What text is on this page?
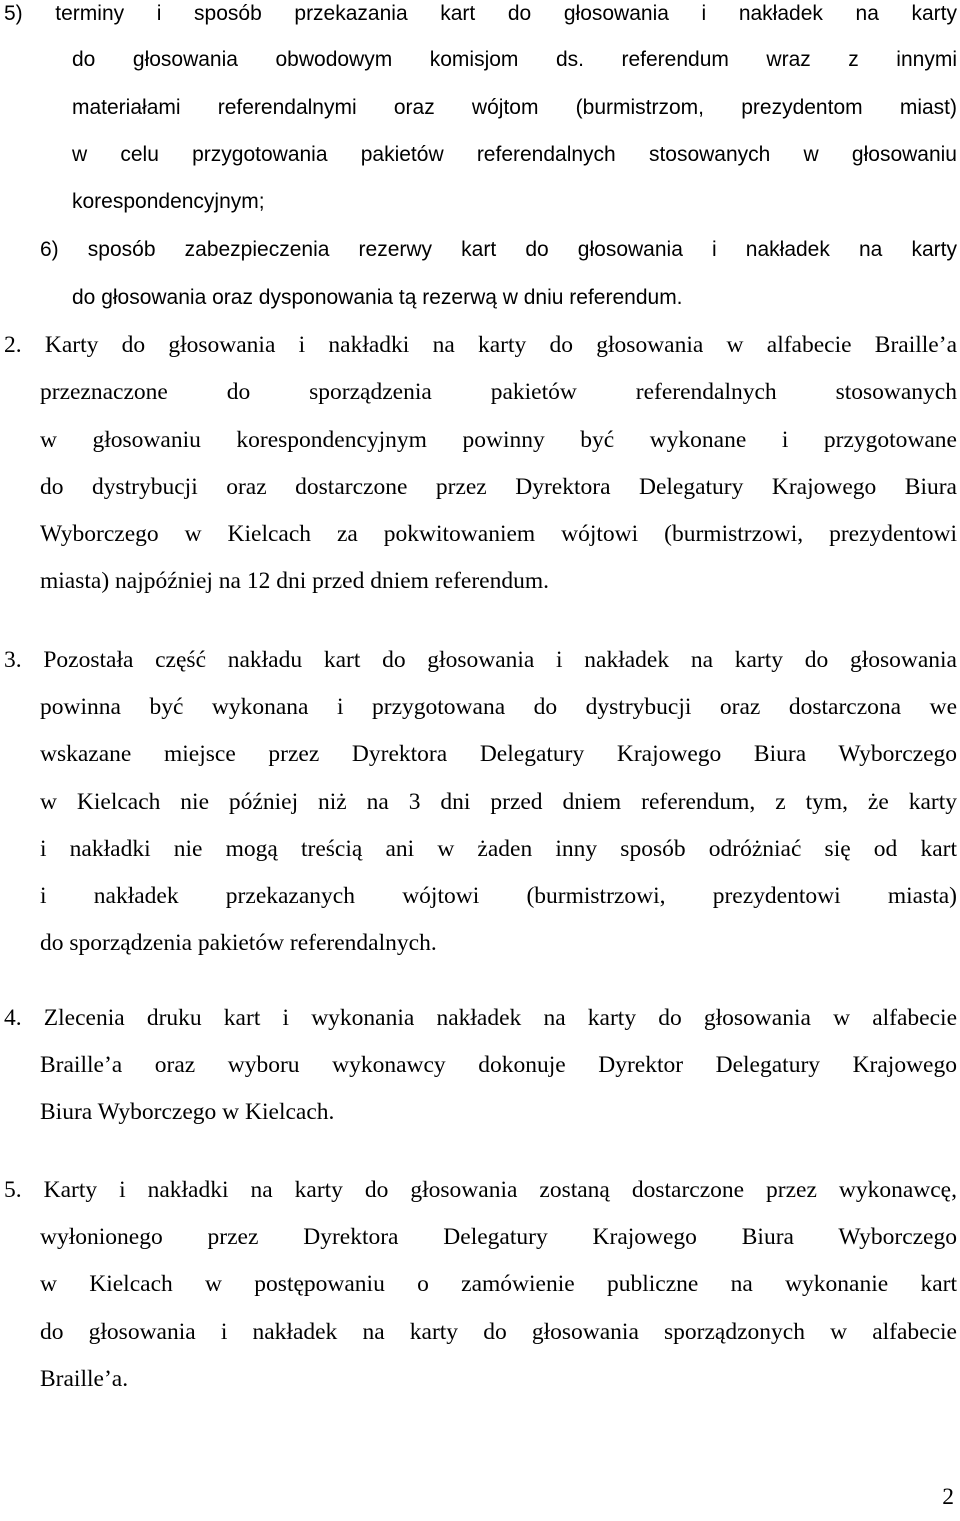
5) terminy i sposób przekazania kart do głosowania i nakładek na karty
do głosowania obwodowym komisjom ds. referendum wraz z innymi
materiałami referendalnymi oraz wójtom (burmistrzom, prezydentom miast)
w celu przygotowania pakietów referendalnych stosowanych w głosowaniu
korespondencyjnym;
6) sposób zabezpieczenia rezerwy kart do głosowania i nakładek na karty
do głosowania oraz dysponowania tą rezerwą w dniu referendum.
2. Karty do głosowania i nakładki na karty do głosowania w alfabecie Braille’a
przeznaczone do sporządzenia pakietów referendalnych stosowanych
w głosowaniu korespondencyjnym powinny być wykonane i przygotowane
do dystrybucji oraz dostarczone przez Dyrektora Delegatury Krajowego Biura
Wyborczego w Kielcach za pokwitowaniem wójtowi (burmistrzowi, prezydentowi
miasta) najpóźniej na 12 dni przed dniem referendum.
3. Pozostała część nakładu kart do głosowania i nakładek na karty do głosowania
powinna być wykonana i przygotowana do dystrybucji oraz dostarczona we
wskazane miejsce przez Dyrektora Delegatury Krajowego Biura Wyborczego
w Kielcach nie później niż na 3 dni przed dniem referendum, z tym, że karty
i nakładki nie mogą treścią ani w żaden inny sposób odróżniać się od kart
i nakładek przekazanych wójtowi (burmistrzowi, prezydentowi miasta)
do sporządzenia pakietów referendalnych.
4. Zlecenia druku kart i wykonania nakładek na karty do głosowania w alfabecie
Braille’a oraz wyboru wykonawcy dokonuje Dyrektor Delegatury Krajowego
Biura Wyborczego w Kielcach.
5. Karty i nakładki na karty do głosowania zostaną dostarczone przez wykonawcę,
wyłonionego przez Dyrektora Delegatury Krajowego Biura Wyborczego
w Kielcach w postępowaniu o zamówienie publiczne na wykonanie kart
do głosowania i nakładek na karty do głosowania sporządzonych w alfabecie
Braille’a.
2
